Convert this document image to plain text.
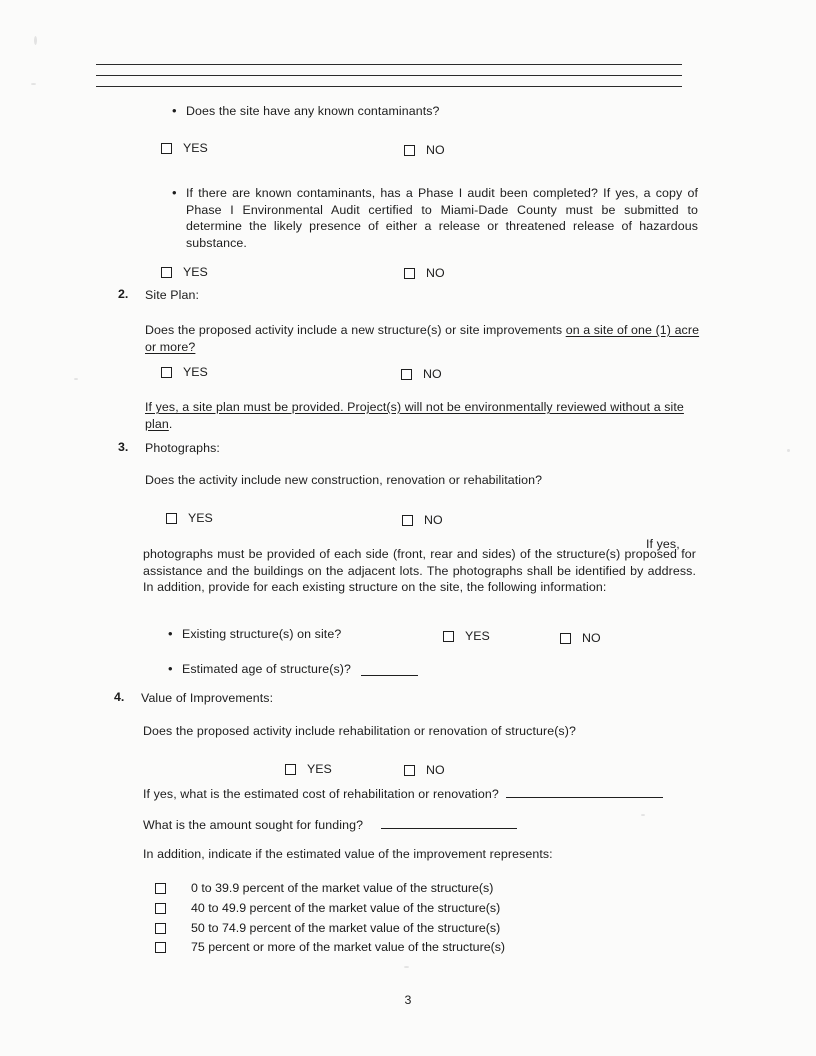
• Does the site have any known contaminants?
YES	NO
• If there are known contaminants, has a Phase I audit been completed? If yes, a copy of Phase I Environmental Audit certified to Miami-Dade County must be submitted to determine the likely presence of either a release or threatened release of hazardous substance.
YES	NO
2. Site Plan:
Does the proposed activity include a new structure(s) or site improvements on a site of one (1) acre or more?
YES	NO
If yes, a site plan must be provided. Project(s) will not be environmentally reviewed without a site plan.
3. Photographs:
Does the activity include new construction, renovation or rehabilitation?
YES	NO
If yes,
photographs must be provided of each side (front, rear and sides) of the structure(s) proposed for assistance and the buildings on the adjacent lots. The photographs shall be identified by address. In addition, provide for each existing structure on the site, the following information:
• Existing structure(s) on site?	YES	NO
• Estimated age of structure(s)?
4. Value of Improvements:
Does the proposed activity include rehabilitation or renovation of structure(s)?
YES	NO
If yes, what is the estimated cost of rehabilitation or renovation?
What is the amount sought for funding?
In addition, indicate if the estimated value of the improvement represents:
0 to 39.9 percent of the market value of the structure(s)
40 to 49.9 percent of the market value of the structure(s)
50 to 74.9 percent of the market value of the structure(s)
75 percent or more of the market value of the structure(s)
3
